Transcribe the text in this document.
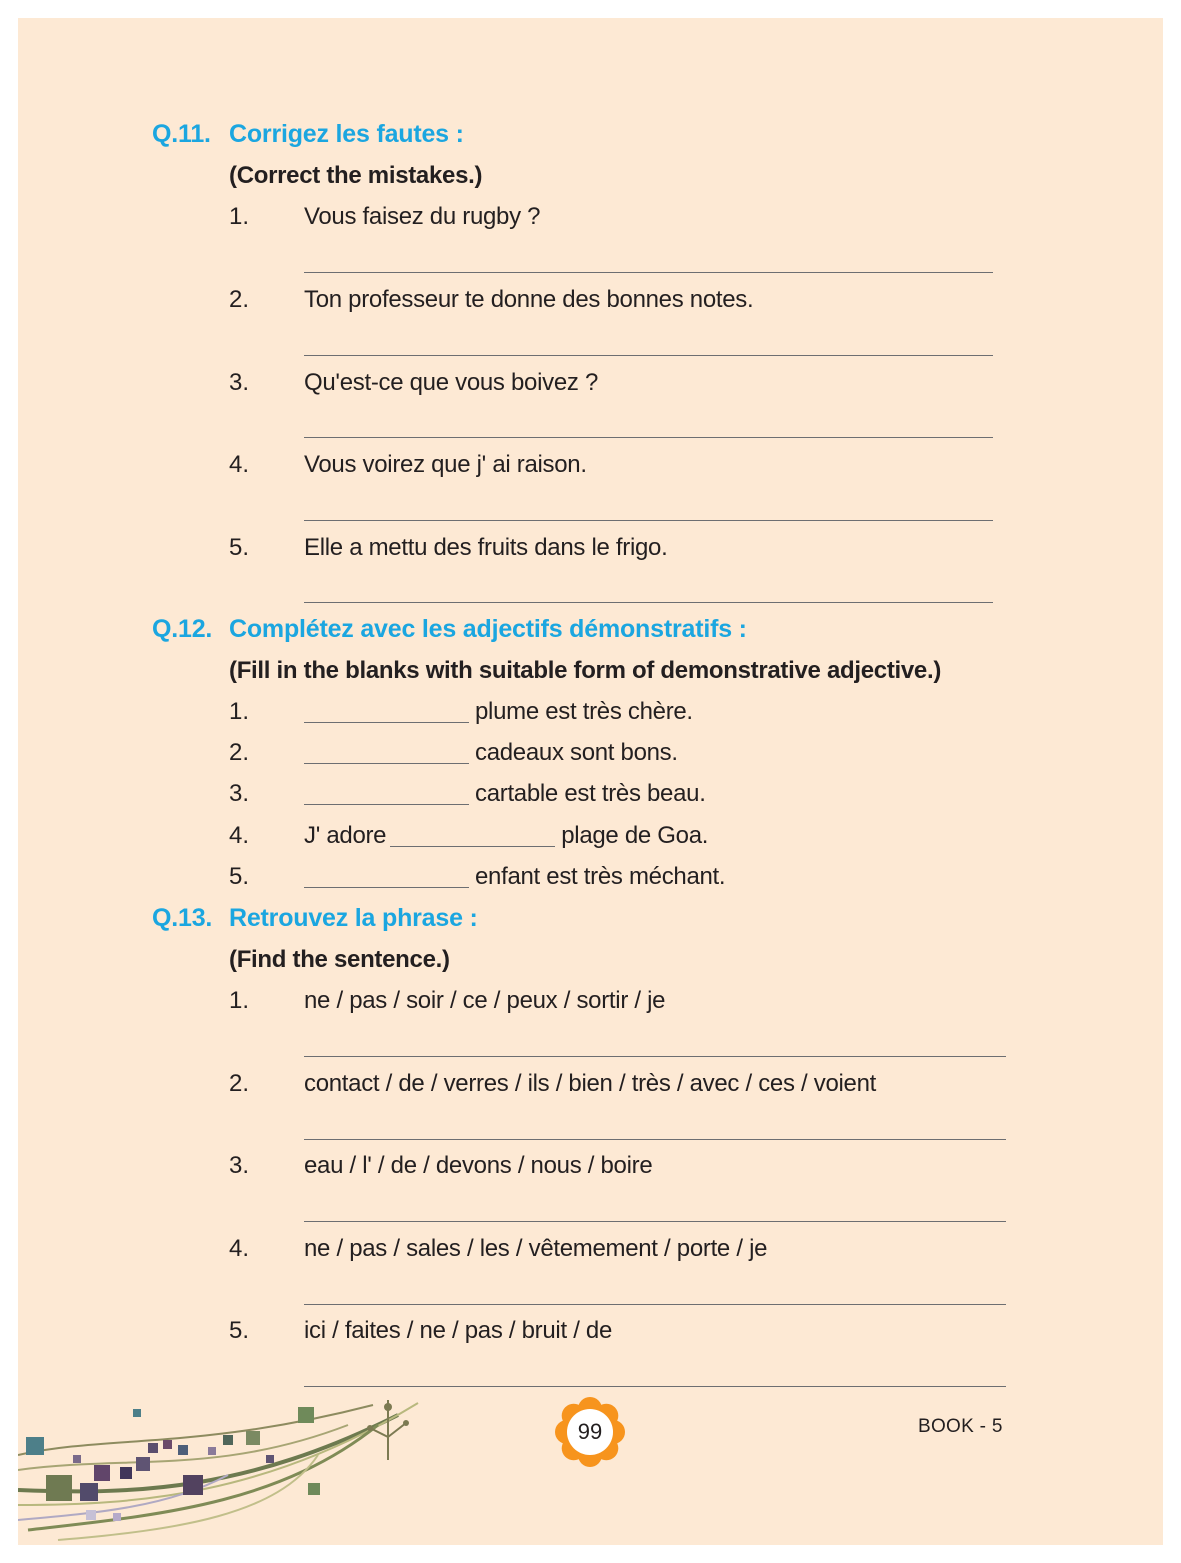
Q.11. Corrigez les fautes :
(Correct the mistakes.)
1. Vous faisez du rugby ?
2. Ton professeur te donne des bonnes notes.
3. Qu'est-ce que vous boivez ?
4. Vous voirez que j' ai raison.
5. Elle a mettu des fruits dans le frigo.
Q.12. Complétez avec les adjectifs démonstratifs :
(Fill in the blanks with suitable form of demonstrative adjective.)
1.	plume est très chère.
2.	cadeaux sont bons.
3.	cartable est très beau.
4. J' adore	plage de Goa.
5.	enfant est très méchant.
Q.13. Retrouvez la phrase :
(Find the sentence.)
1. ne / pas / soir / ce / peux / sortir / je
2. contact / de / verres / ils / bien / très / avec / ces / voient
3. eau / l' / de / devons / nous / boire
4. ne / pas / sales / les / vêtemement / porte / je
5. ici / faites / ne / pas / bruit / de
99	BOOK - 5
